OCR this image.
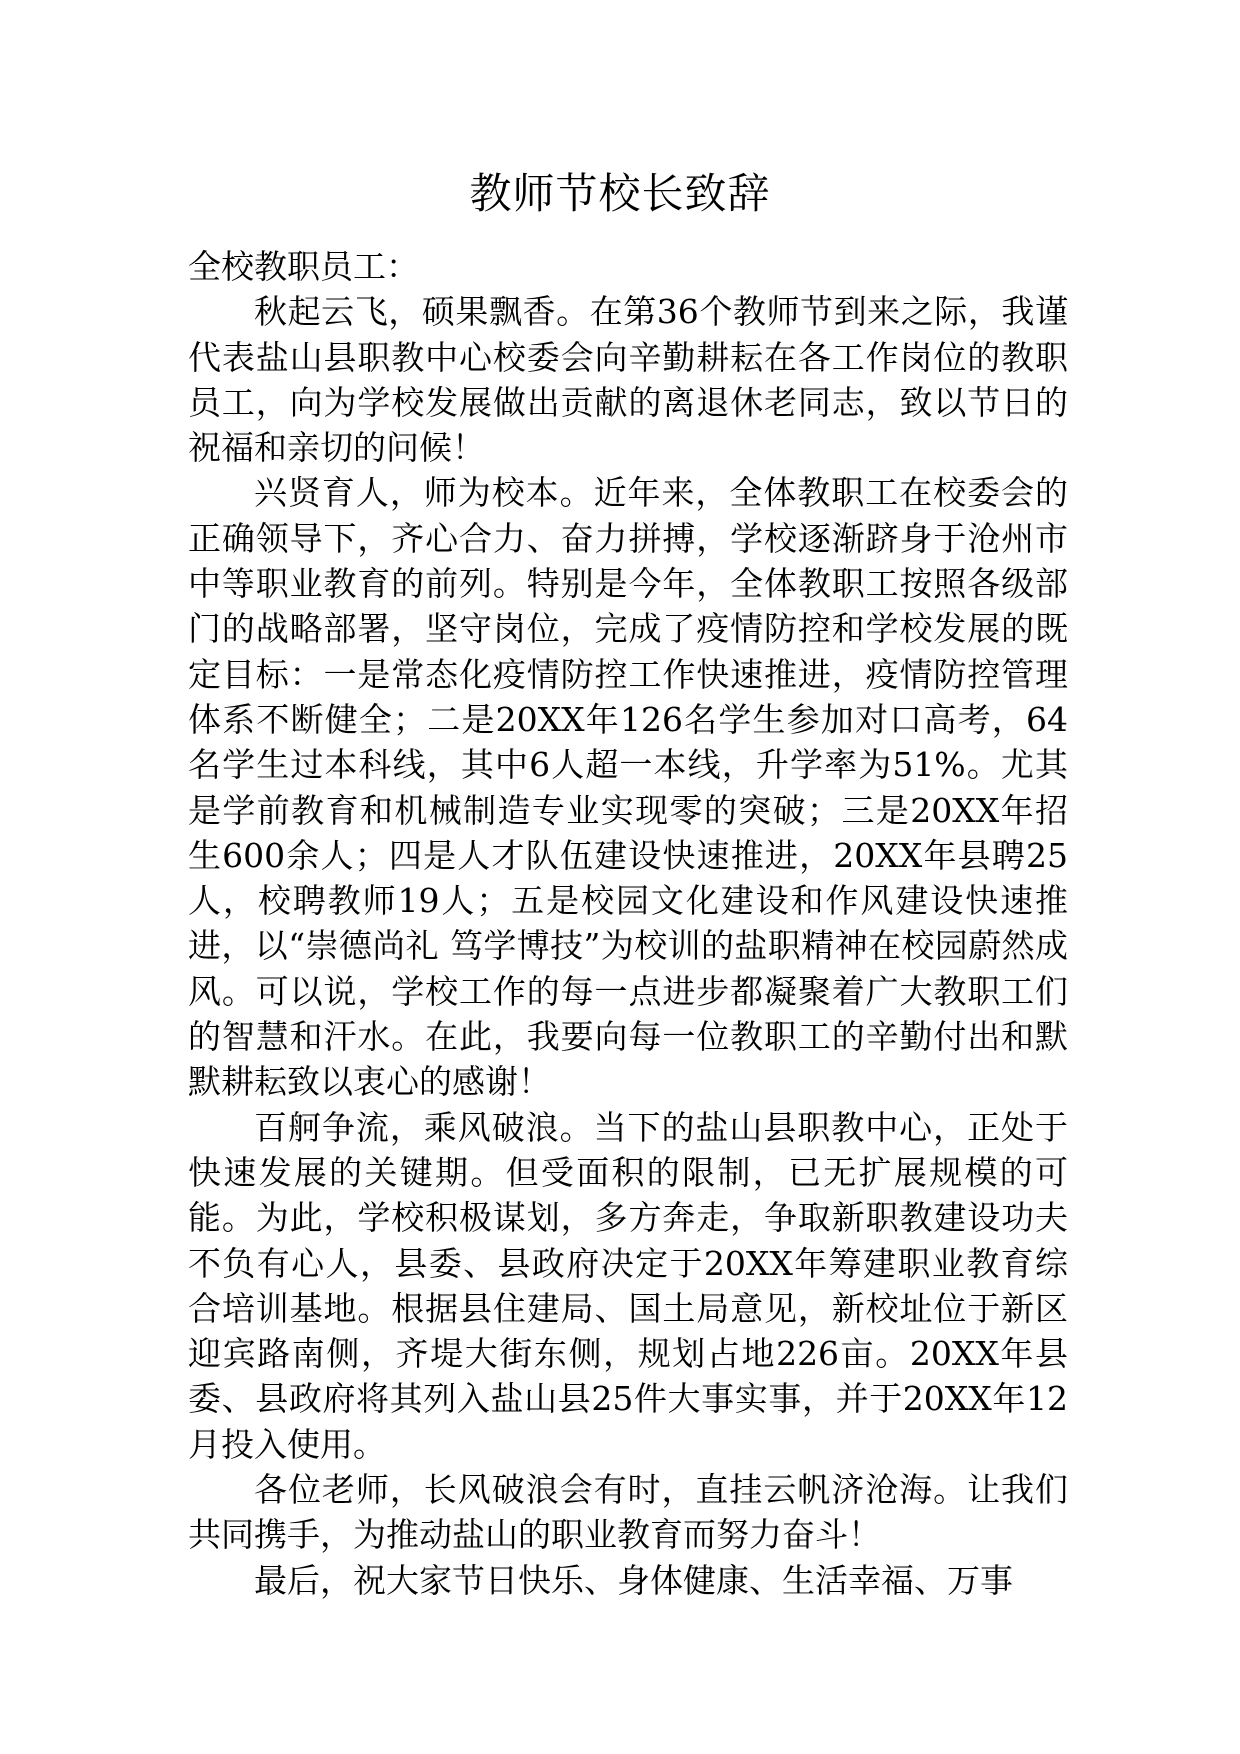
教师节校长致辞

全校教职员工：

秋起云飞，硕果飘香。在第36个教师节到来之际，我谨代表盐山县职教中心校委会向辛勤耕耘在各工作岗位的教职员工，向为学校发展做出贡献的离退休老同志，致以节日的祝福和亲切的问候！

兴贤育人，师为校本。近年来，全体教职工在校委会的正确领导下，齐心合力、奋力拼搏，学校逐渐跻身于沧州市中等职业教育的前列。特别是今年，全体教职工按照各级部门的战略部署，坚守岗位，完成了疫情防控和学校发展的既定目标：一是常态化疫情防控工作快速推进，疫情防控管理体系不断健全；二是20XX年126名学生参加对口高考，64名学生过本科线，其中6人超一本线，升学率为51%。尤其是学前教育和机械制造专业实现零的突破；三是20XX年招生600余人；四是人才队伍建设快速推进，20XX年县聘25人，校聘教师19人；五是校园文化建设和作风建设快速推进，以“崇德尚礼 笃学博技”为校训的盐职精神在校园蔚然成风。可以说，学校工作的每一点进步都凝聚着广大教职工们的智慧和汗水。在此，我要向每一位教职工的辛勤付出和默默耕耘致以衷心的感谢！

百舸争流，乘风破浪。当下的盐山县职教中心，正处于快速发展的关键期。但受面积的限制，已无扩展规模的可能。为此，学校积极谋划，多方奔走，争取新职教建设功夫不负有心人，县委、县政府决定于20XX年筹建职业教育综合培训基地。根据县住建局、国土局意见，新校址位于新区迎宾路南侧，齐堤大街东侧，规划占地226亩。20XX年县委、县政府将其列入盐山县25件大事实事，并于20XX年12月投入使用。

各位老师，长风破浪会有时，直挂云帆济沧海。让我们共同携手，为推动盐山的职业教育而努力奋斗！

最后，祝大家节日快乐、身体健康、生活幸福、万事
